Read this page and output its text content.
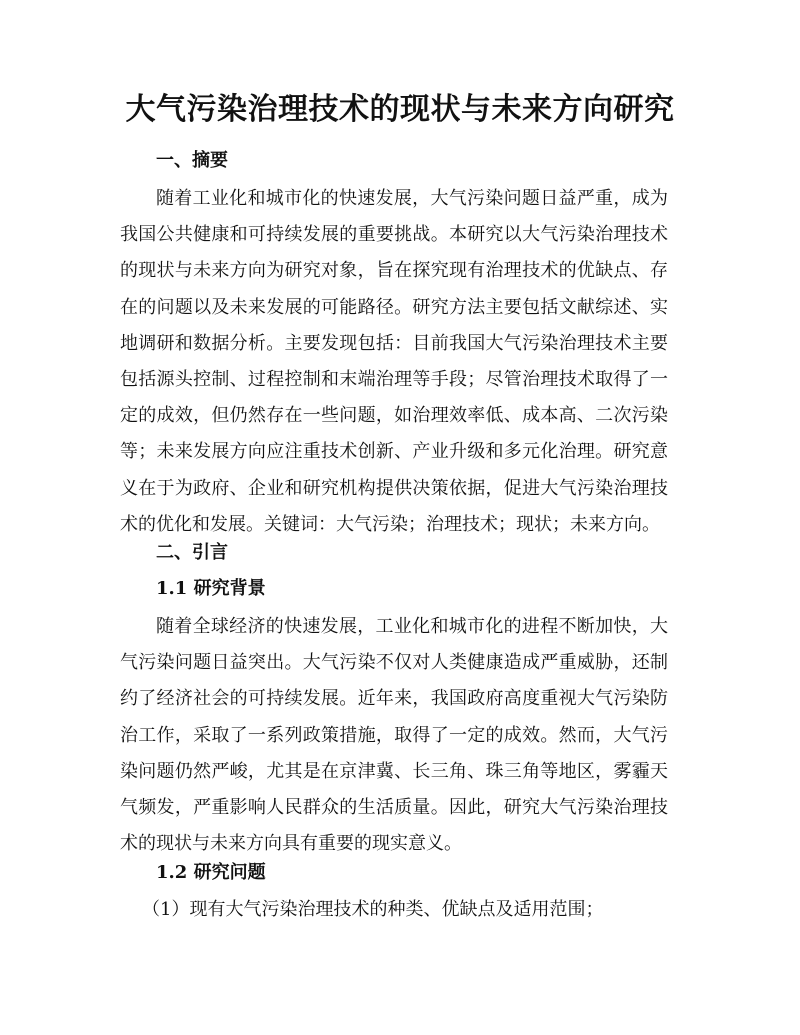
大气污染治理技术的现状与未来方向研究
一、摘要

随着工业化和城市化的快速发展，大气污染问题日益严重，成为我国公共健康和可持续发展的重要挑战。本研究以大气污染治理技术的现状与未来方向为研究对象，旨在探究现有治理技术的优缺点、存在的问题以及未来发展的可能路径。研究方法主要包括文献综述、实地调研和数据分析。主要发现包括：目前我国大气污染治理技术主要包括源头控制、过程控制和末端治理等手段；尽管治理技术取得了一定的成效，但仍然存在一些问题，如治理效率低、成本高、二次污染等；未来发展方向应注重技术创新、产业升级和多元化治理。研究意义在于为政府、企业和研究机构提供决策依据，促进大气污染治理技术的优化和发展。关键词：大气污染；治理技术；现状；未来方向。

二、引言
1.1 研究背景

随着全球经济的快速发展，工业化和城市化的进程不断加快，大气污染问题日益突出。大气污染不仅对人类健康造成严重威胁，还制约了经济社会的可持续发展。近年来，我国政府高度重视大气污染防治工作，采取了一系列政策措施，取得了一定的成效。然而，大气污染问题仍然严峻，尤其是在京津冀、长三角、珠三角等地区，雾霾天气频发，严重影响人民群众的生活质量。因此，研究大气污染治理技术的现状与未来方向具有重要的现实意义。

1.2 研究问题

（1）现有大气污染治理技术的种类、优缺点及适用范围；
